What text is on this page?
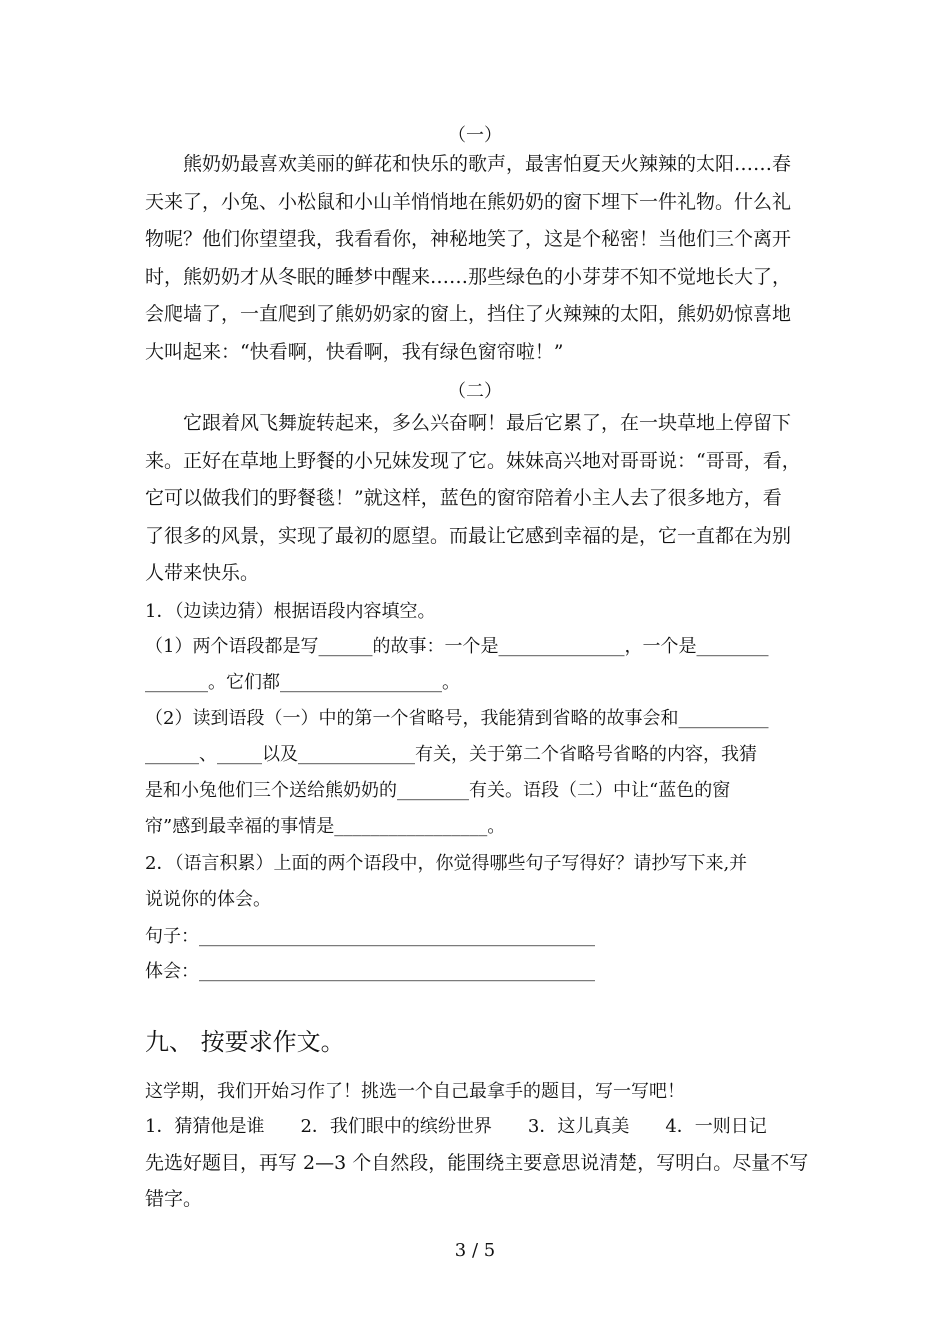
（一）
熊奶奶最喜欢美丽的鲜花和快乐的歌声，最害怕夏天火辣辣的太阳……春
天来了，小兔、小松鼠和小山羊悄悄地在熊奶奶的窗下埋下一件礼物。什么礼
物呢？他们你望望我，我看看你，神秘地笑了，这是个秘密！当他们三个离开
时，熊奶奶才从冬眠的睡梦中醒来……那些绿色的小芽芽不知不觉地长大了，
会爬墙了，一直爬到了熊奶奶家的窗上，挡住了火辣辣的太阳，熊奶奶惊喜地
大叫起来：“快看啊，快看啊，我有绿色窗帘啦！”
（二）
它跟着风飞舞旋转起来，多么兴奋啊！最后它累了，在一块草地上停留下
来。正好在草地上野餐的小兄妹发现了它。妹妹高兴地对哥哥说：“哥哥，看，
它可以做我们的野餐毯！”就这样，蓝色的窗帘陪着小主人去了很多地方，看
了很多的风景，实现了最初的愿望。而最让它感到幸福的是，它一直都在为别
人带来快乐。
1．（边读边猜）根据语段内容填空。
（1）两个语段都是写______的故事：一个是______________，一个是________
_______。它们都__________________。
（2）读到语段（一）中的第一个省略号，我能猜到省略的故事会和__________
______、_____以及_____________有关，关于第二个省略号省略的内容，我猜
是和小兔他们三个送给熊奶奶的________有关。语段（二）中让“蓝色的窗
帘”感到最幸福的事情是_________________。
2．（语言积累）上面的两个语段中，你觉得哪些句子写得好？请抄写下来,并
说说你的体会。
句子：____________________________________________
体会：____________________________________________
九、 按要求作文。
这学期，我们开始习作了！挑选一个自己最拿手的题目，写一写吧！
1．猜猜他是谁　　2．我们眼中的缤纷世界　　3．这儿真美　　4．一则日记
先选好题目，再写 2—3 个自然段，能围绕主要意思说清楚，写明白。尽量不写
错字。
3 / 5
